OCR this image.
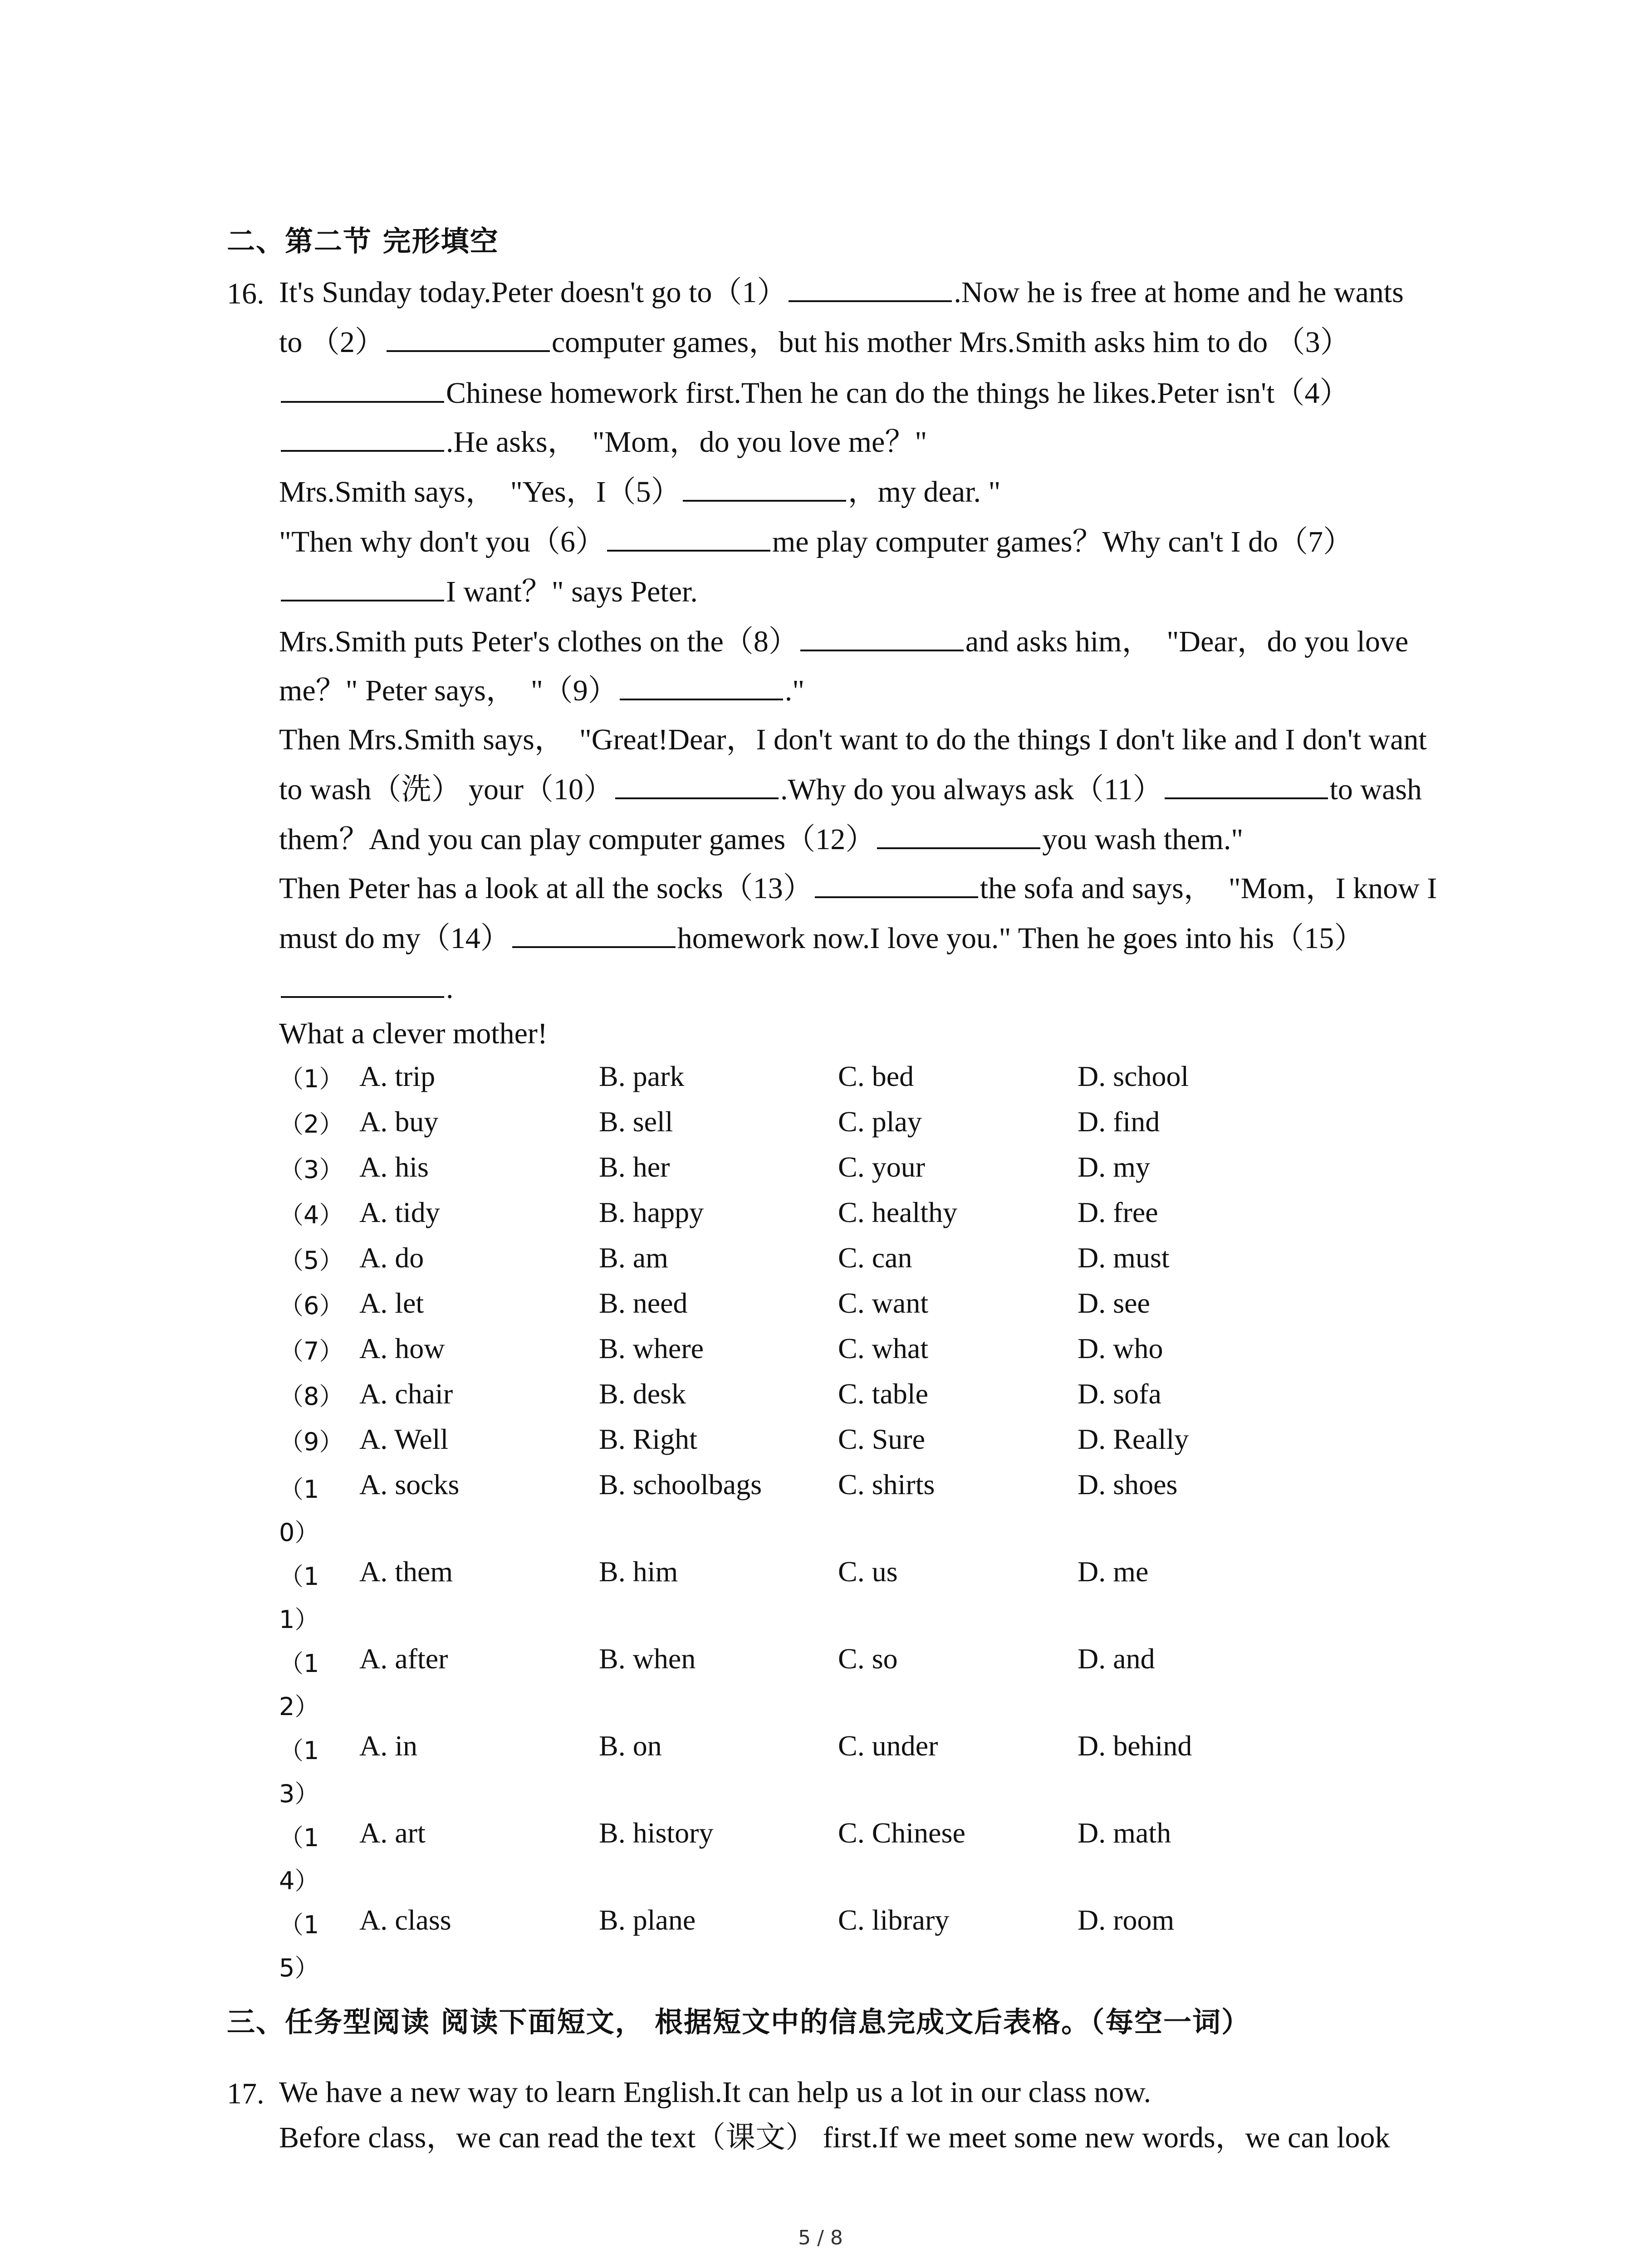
二、第二节 完形填空
16. It's Sunday today.Peter doesn't go to（1）	.Now he is free at home and he wants
to （2）	computer games，but his mother Mrs.Smith asks him to do （3）
Chinese homework first.Then he can do the things he likes.Peter isn't（4）
.He asks，  "Mom，do you love me？"
Mrs.Smith says，  "Yes，I（5）	，my dear. "
"Then why don't you（6）	me play computer games？Why can't I do（7）
I want？" says Peter.
Mrs.Smith puts Peter's clothes on the（8）	and asks him，  "Dear，do you love
me？" Peter says，  "（9）	."
Then Mrs.Smith says，  "Great!Dear，I don't want to do the things I don't like and I don't want
to wash（洗） your（10）	.Why do you always ask（11）	to wash
them？And you can play computer games（12）	you wash them."
Then Peter has a look at all the socks（13）	the sofa and says，  "Mom，I know I
must do my（14）	homework now.I love you." Then he goes into his（15）
.
What a clever mother!
（1） A. trip	B. park	C. bed	D. school
（2） A. buy	B. sell	C. play	D. find
（3） A. his	B. her	C. your	D. my
（4） A. tidy	B. happy	C. healthy	D. free
（5） A. do	B. am	C. can	D. must
（6） A. let	B. need	C. want	D. see
（7） A. how	B. where	C. what	D. who
（8） A. chair	B. desk	C. table	D. sofa
（9） A. Well	B. Right	C. Sure	D. Really
（10）
A. socks	B. schoolbags	C. shirts	D. shoes
（11）
A. them	B. him	C. us	D. me
（12）
A. after	B. when	C. so	D. and
（13）
A. in	B. on	C. under	D. behind
（14）
A. art	B. history	C. Chinese	D. math
（15）
A. class	B. plane	C. library	D. room
三、任务型阅读 阅读下面短文， 根据短文中的信息完成文后表格。（每空一词）
17. We have a new way to learn English.It can help us a lot in our class now.
Before class，we can read the text（课文） first.If we meet some new words，we can look
5 / 8
